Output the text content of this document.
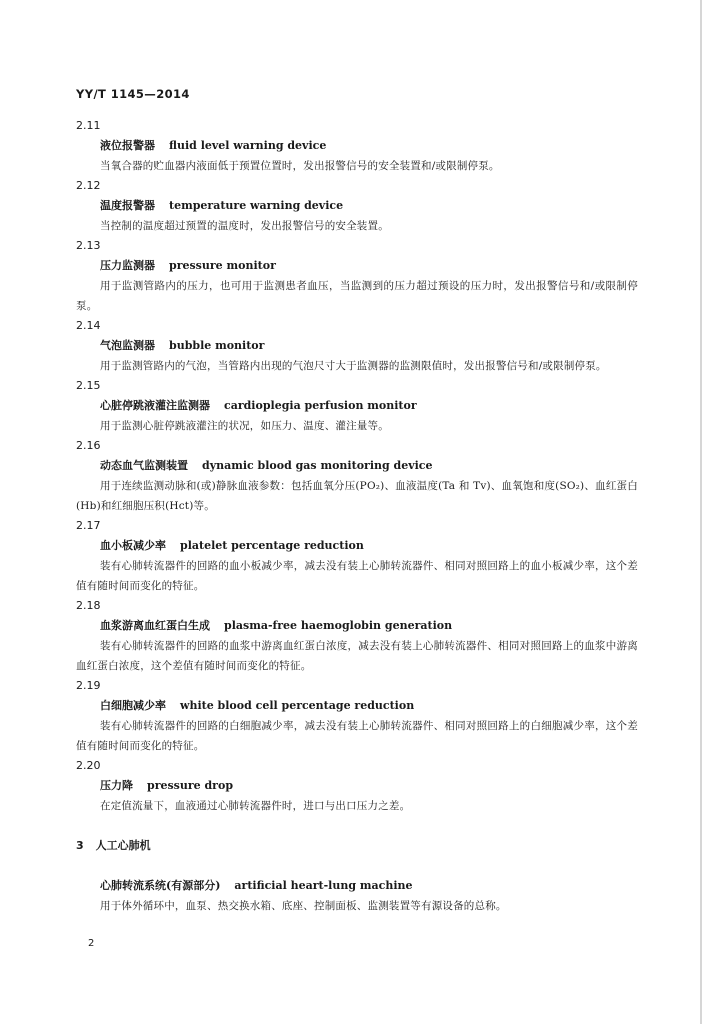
YY/T 1145—2014
2.11
液位报警器 fluid level warning device
当氧合器的贮血器内液面低于预置位置时，发出报警信号的安全装置和/或限制停泵。
2.12
温度报警器 temperature warning device
当控制的温度超过预置的温度时，发出报警信号的安全装置。
2.13
压力监测器 pressure monitor
用于监测管路内的压力，也可用于监测患者血压，当监测到的压力超过预设的压力时，发出报警信号和/或限制停泵。
2.14
气泡监测器 bubble monitor
用于监测管路内的气泡，当管路内出现的气泡尺寸大于监测器的监测限值时，发出报警信号和/或限制停泵。
2.15
心脏停跳液灌注监测器 cardioplegia perfusion monitor
用于监测心脏停跳液灌注的状况，如压力、温度、灌注量等。
2.16
动态血气监测装置 dynamic blood gas monitoring device
用于连续监测动脉和(或)静脉血液参数：包括血氧分压(PO₂)、血液温度(Ta 和 Tv)、血氧饱和度(SO₂)、血红蛋白(Hb)和红细胞压积(Hct)等。
2.17
血小板减少率 platelet percentage reduction
装有心肺转流器件的回路的血小板减少率，减去没有装上心肺转流器件、相同对照回路上的血小板减少率，这个差值有随时间而变化的特征。
2.18
血浆游离血红蛋白生成 plasma-free haemoglobin generation
装有心肺转流器件的回路的血浆中游离血红蛋白浓度，减去没有装上心肺转流器件、相同对照回路上的血浆中游离血红蛋白浓度，这个差值有随时间而变化的特征。
2.19
白细胞减少率 white blood cell percentage reduction
装有心肺转流器件的回路的白细胞减少率，减去没有装上心肺转流器件、相同对照回路上的白细胞减少率，这个差值有随时间而变化的特征。
2.20
压力降 pressure drop
在定值流量下，血液通过心肺转流器件时，进口与出口压力之差。
3 人工心肺机
心肺转流系统(有源部分) artificial heart-lung machine
用于体外循环中，血泵、热交换水箱、底座、控制面板、监测装置等有源设备的总称。
2
